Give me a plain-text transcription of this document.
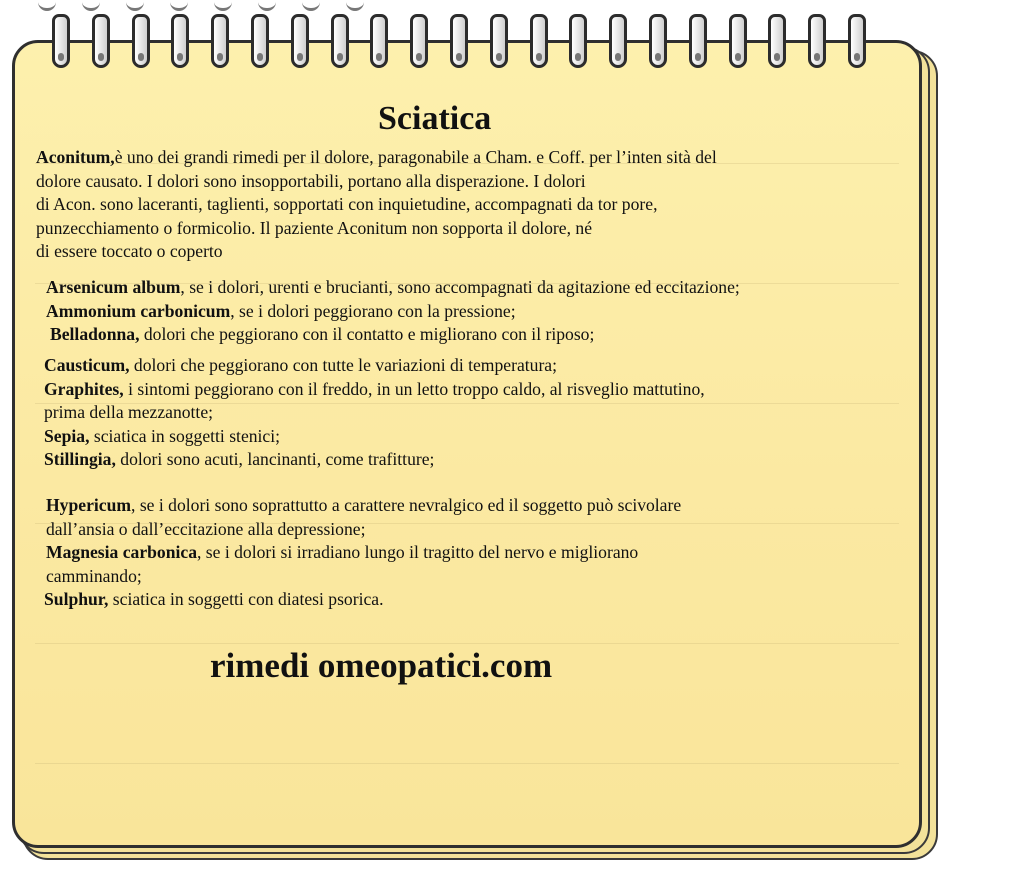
Sciatica
Aconitum,è uno dei grandi rimedi per il dolore, paragonabile a Cham. e Coff. per l’inten sità del
dolore causato. I dolori sono insopportabili, portano alla disperazione. I dolori
di Acon. sono laceranti, taglienti, sopportati con inquietudine, accompagnati da tor pore,
punzecchiamento o formicolio. Il paziente Aconitum non sopporta il dolore, né
di essere toccato o coperto
Arsenicum album, se i dolori, urenti e brucianti, sono accompagnati da agitazione ed eccitazione;
Ammonium carbonicum, se i dolori peggiorano con la pressione;
Belladonna, dolori che peggiorano con il contatto e migliorano con il riposo;
Causticum, dolori che peggiorano con tutte le variazioni di temperatura;
Graphites, i sintomi peggiorano con il freddo, in un letto troppo caldo, al risveglio mattutino,
prima della mezzanotte;
Sepia, sciatica in soggetti stenici;
Stillingia, dolori sono acuti, lancinanti, come trafitture;
Hypericum, se i dolori sono soprattutto a carattere nevralgico ed il soggetto può scivolare
dall’ansia o dall’eccitazione alla depressione;
Magnesia carbonica, se i dolori si irradiano lungo il tragitto del nervo e migliorano
camminando;
Sulphur, sciatica in soggetti con diatesi psorica.
rimedi omeopatici.com
